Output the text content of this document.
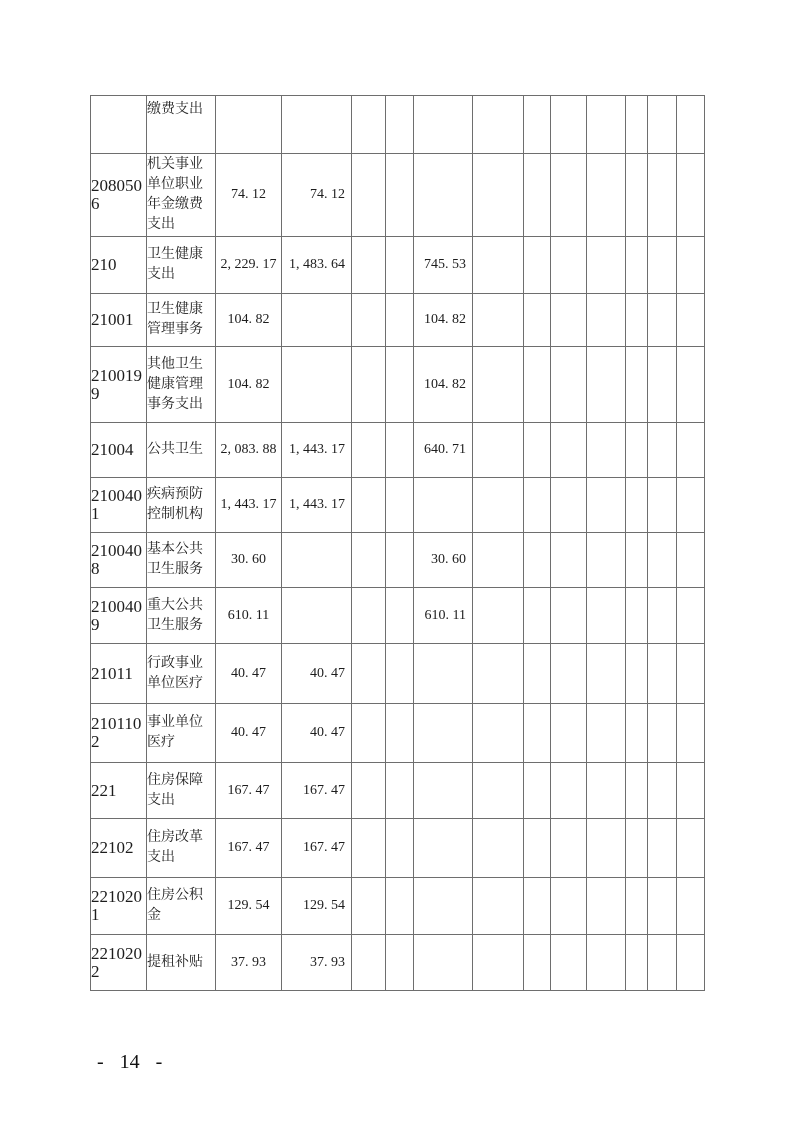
	缴费支出												
2080506	机关事业单位职业年金缴费支出	74. 12	74. 12										
210	卫生健康支出	2, 229. 17	1, 483. 64			745. 53							
21001	卫生健康管理事务	104. 82				104. 82							
2100199	其他卫生健康管理事务支出	104. 82				104. 82							
21004	公共卫生	2, 083. 88	1, 443. 17			640. 71							
2100401	疾病预防控制机构	1, 443. 17	1, 443. 17										
2100408	基本公共卫生服务	30. 60				30. 60							
2100409	重大公共卫生服务	610. 11				610. 11							
21011	行政事业单位医疗	40. 47	40. 47										
2101102	事业单位医疗	40. 47	40. 47										
221	住房保障支出	167. 47	167. 47										
22102	住房改革支出	167. 47	167. 47										
2210201	住房公积金	129. 54	129. 54										
2210202	提租补贴	37. 93	37. 93										
- 14 -
